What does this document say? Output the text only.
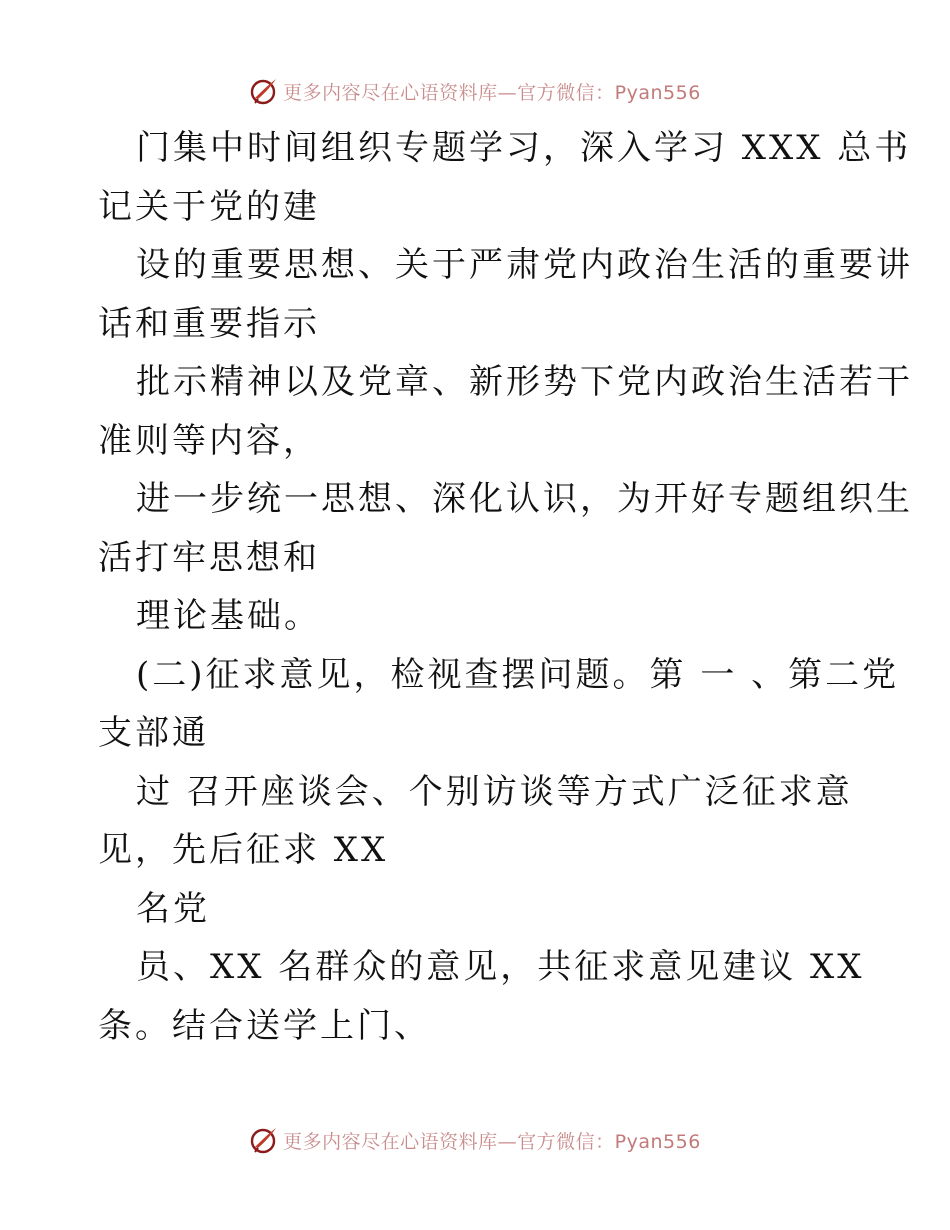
更多内容尽在心语资料库—官方微信：Pyan556
门集中时间组织专题学习，深入学习 XXX 总书
记关于党的建
设的重要思想、关于严肃党内政治生活的重要讲
话和重要指示
批示精神以及党章、新形势下党内政治生活若干
准则等内容，
进一步统一思想、深化认识，为开好专题组织生
活打牢思想和
理论基础。
(二)征求意见，检视查摆问题。第 一 、第二党
支部通
过 召开座谈会、个别访谈等方式广泛征求意
见，先后征求 XX
名党
员、XX 名群众的意见，共征求意见建议 XX
条。结合送学上门、
更多内容尽在心语资料库—官方微信：Pyan556
